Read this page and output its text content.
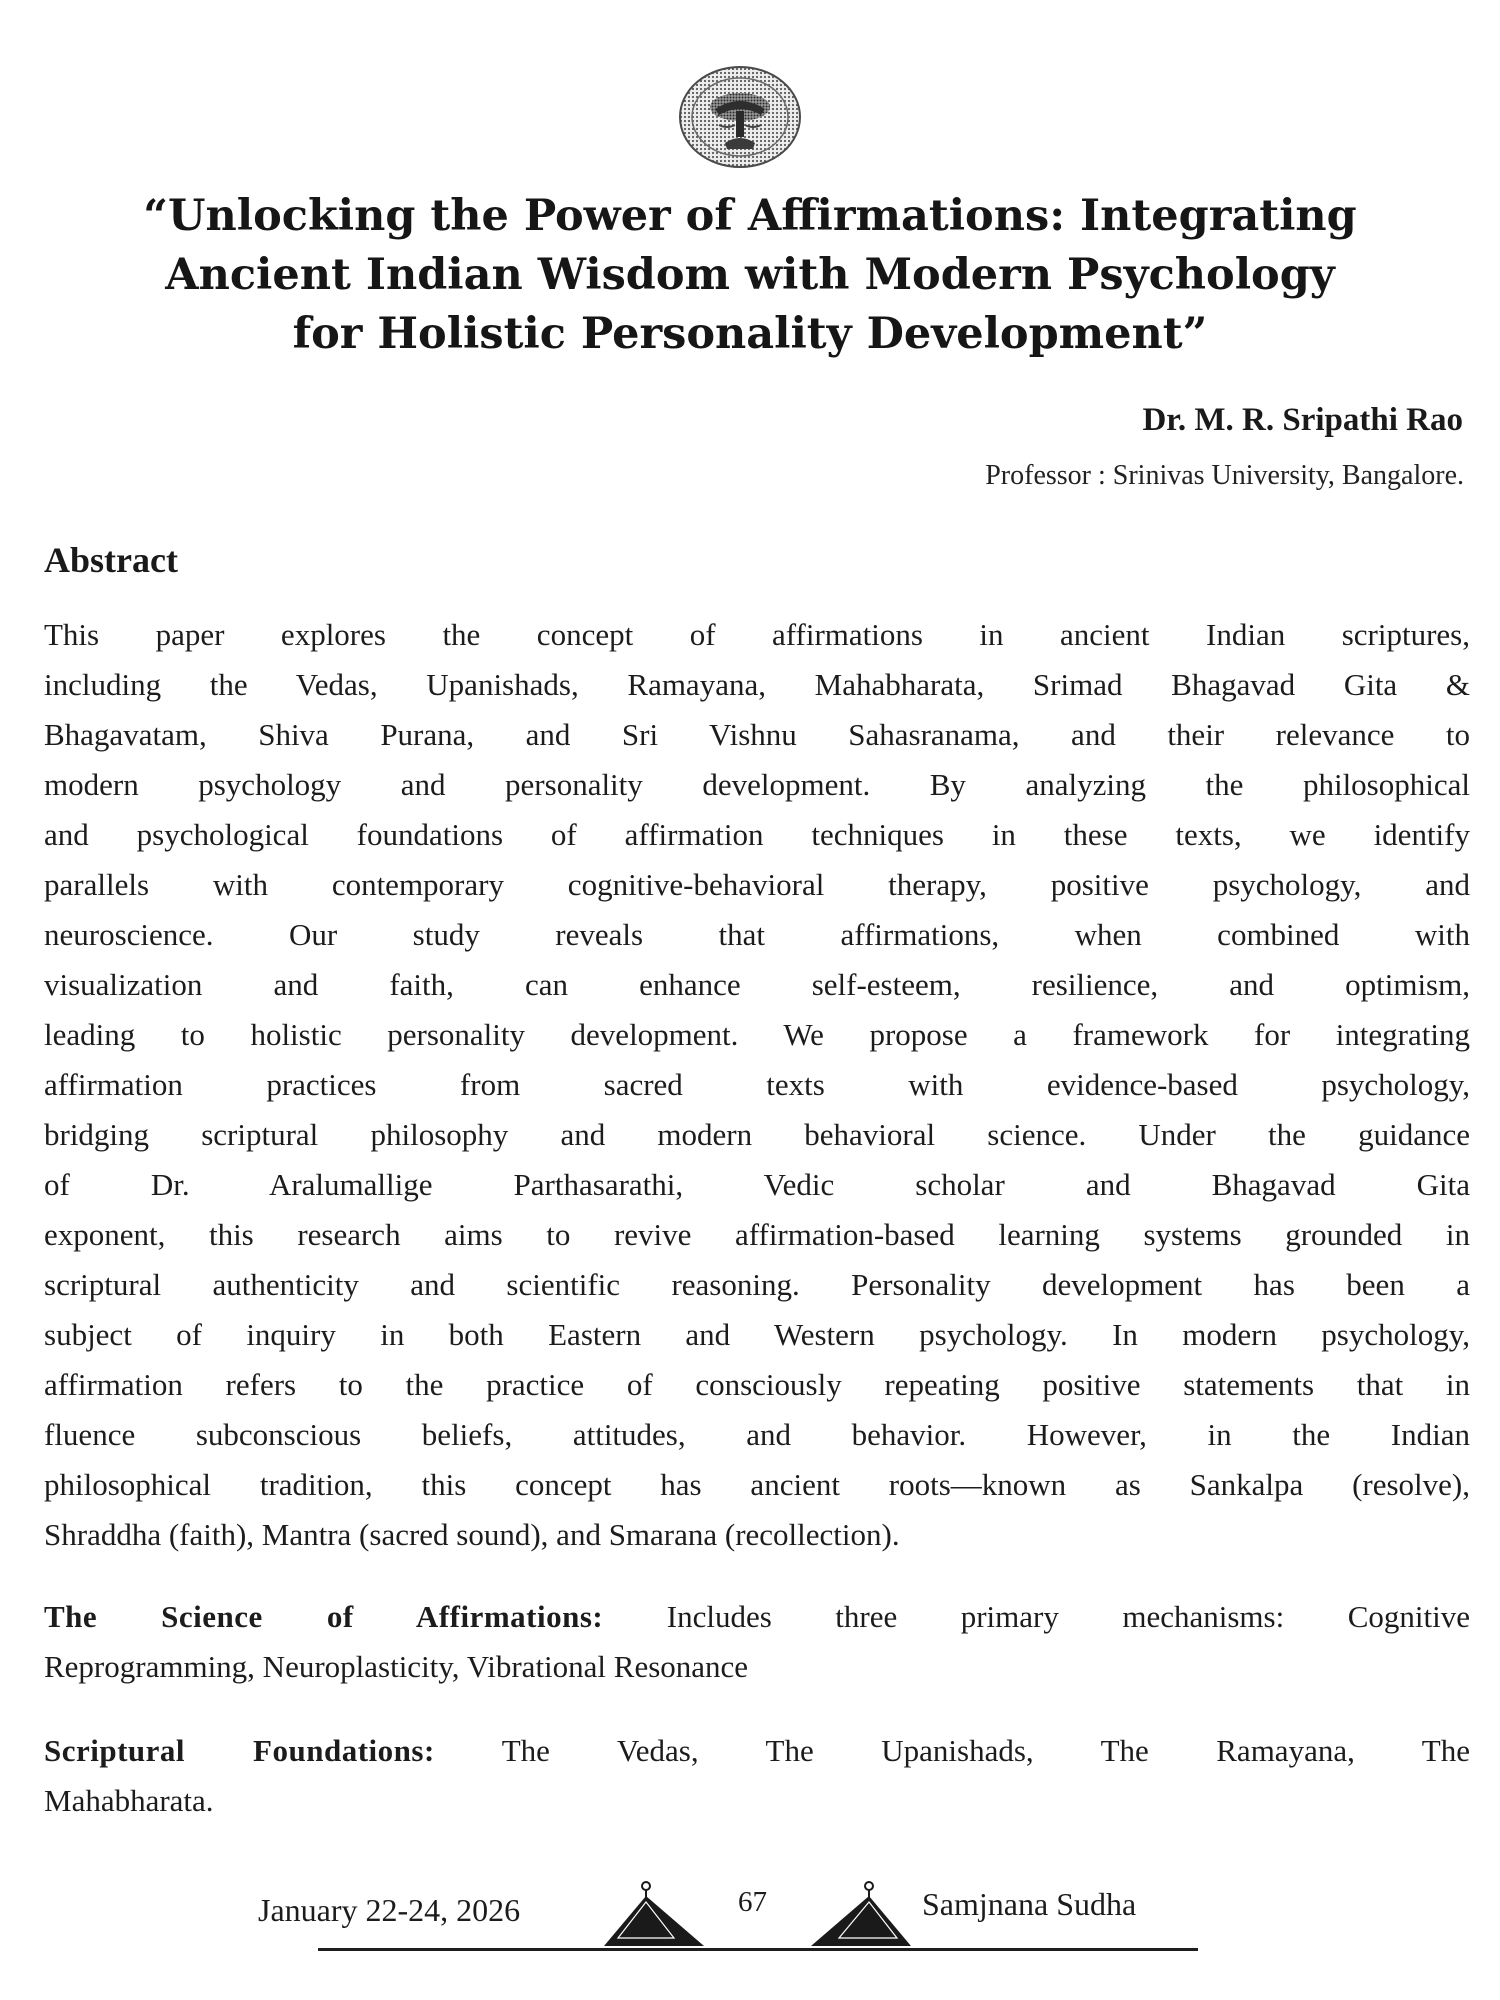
“Unlocking the Power of Affirmations: Integrating
Ancient Indian Wisdom with Modern Psychology
for Holistic Personality Development”

Dr. M. R. Sripathi Rao

Professor : Srinivas University, Bangalore.

Abstract
This paper explores the concept of affirmations in ancient Indian scriptures,
including the Vedas, Upanishads, Ramayana, Mahabharata, Srimad Bhagavad Gita &
Bhagavatam, Shiva Purana, and Sri Vishnu Sahasranama, and their relevance to
modern psychology and personality development. By analyzing the philosophical
and psychological foundations of affirmation techniques in these texts, we identify
parallels with contemporary cognitive-behavioral therapy, positive psychology, and
neuroscience. Our study reveals that affirmations, when combined with
visualization and faith, can enhance self-esteem, resilience, and optimism,
leading to holistic personality development. We propose a framework for integrating
affirmation practices from sacred texts with evidence-based psychology,
bridging scriptural philosophy and modern behavioral science. Under the guidance
of Dr. Aralumallige Parthasarathi, Vedic scholar and Bhagavad Gita
exponent, this research aims to revive affirmation-based learning systems grounded in
scriptural authenticity and scientific reasoning. Personality development has been a
subject of inquiry in both Eastern and Western psychology. In modern psychology,
affirmation refers to the practice of consciously repeating positive statements that in
fluence subconscious beliefs, attitudes, and behavior. However, in the Indian
philosophical tradition, this concept has ancient roots—known as Sankalpa (resolve),
Shraddha (faith), Mantra (sacred sound), and Smarana (recollection).
The Science of Affirmations: Includes three primary mechanisms: Cognitive
Reprogramming, Neuroplasticity, Vibrational Resonance
Scriptural Foundations: The Vedas, The Upanishads, The Ramayana, The
Mahabharata.

January 22-24, 2026	67	Samjnana Sudha
